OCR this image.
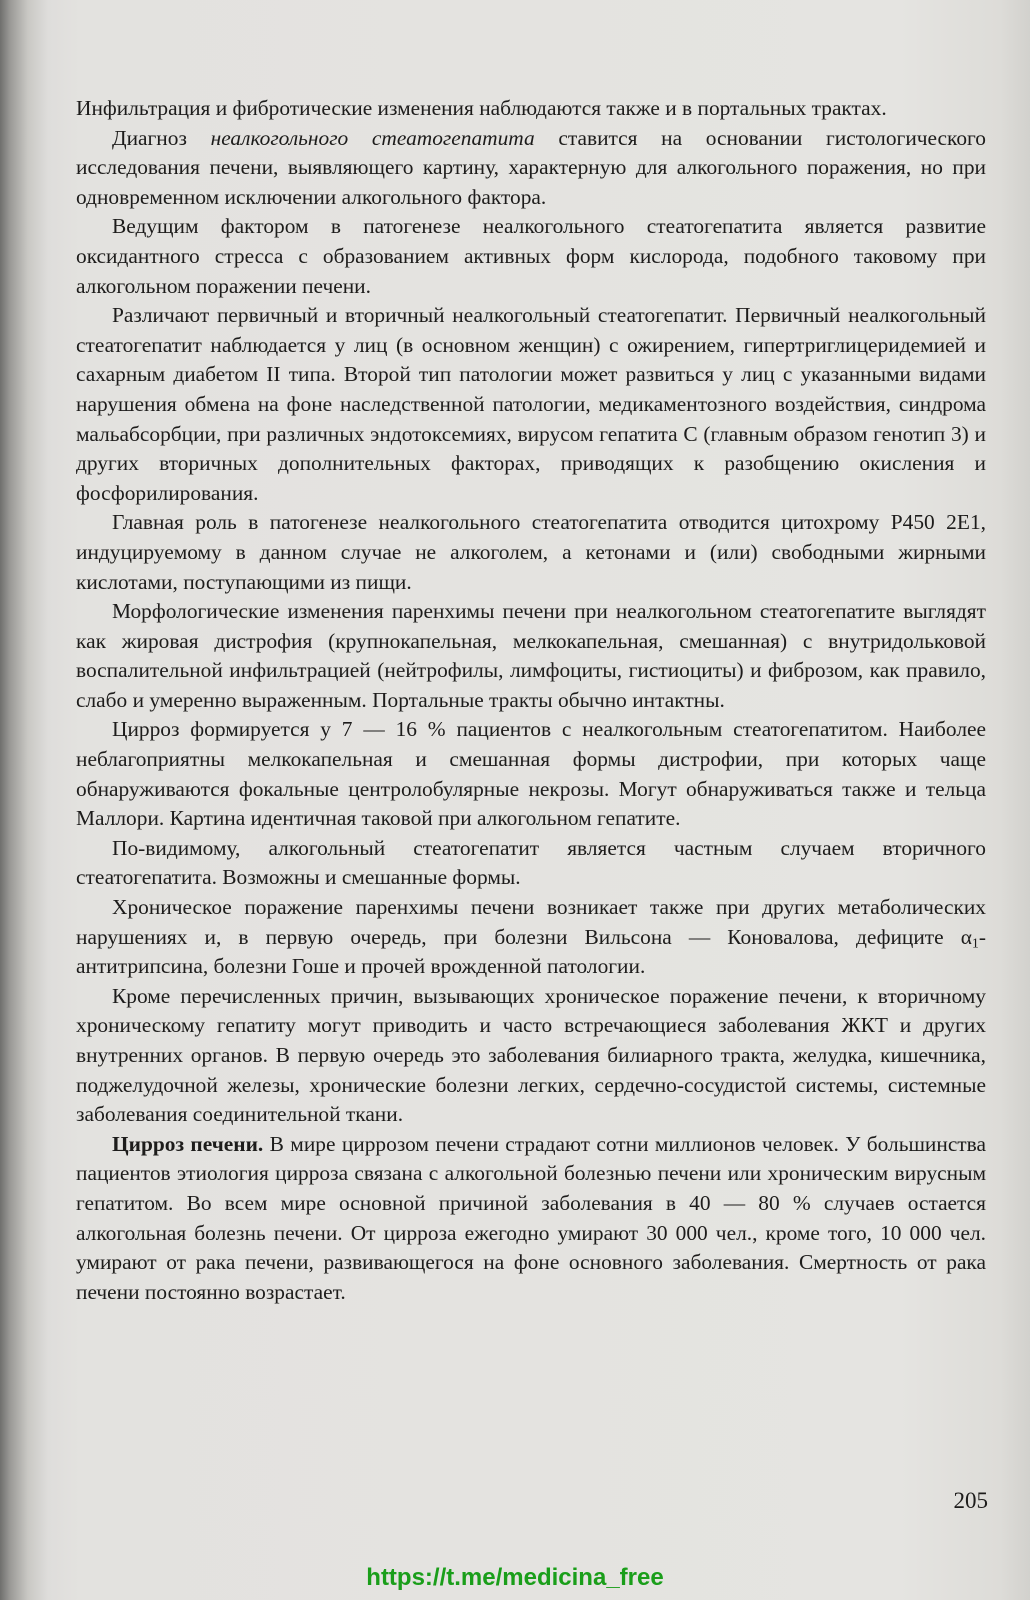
Инфильтрация и фибротические изменения наблюдаются также и в портальных трактах.

Диагноз неалкогольного стеатогепатита ставится на основании гистологического исследования печени, выявляющего картину, характерную для алкогольного поражения, но при одновременном исключении алкогольного фактора.

Ведущим фактором в патогенезе неалкогольного стеатогепатита является развитие оксидантного стресса с образованием активных форм кислорода, подобного таковому при алкогольном поражении печени.

Различают первичный и вторичный неалкогольный стеатогепатит. Первичный неалкогольный стеатогепатит наблюдается у лиц (в основном женщин) с ожирением, гипертриглицеридемией и сахарным диабетом II типа. Второй тип патологии может развиться у лиц с указанными видами нарушения обмена на фоне наследственной патологии, медикаментозного воздействия, синдрома мальабсорбции, при различных эндотоксемиях, вирусом гепатита С (главным образом генотип 3) и других вторичных дополнительных факторах, приводящих к разобщению окисления и фосфорилирования.

Главная роль в патогенезе неалкогольного стеатогепатита отводится цитохрому Р450 2Е1, индуцируемому в данном случае не алкоголем, а кетонами и (или) свободными жирными кислотами, поступающими из пищи.

Морфологические изменения паренхимы печени при неалкогольном стеатогепатите выглядят как жировая дистрофия (крупнокапельная, мелкокапельная, смешанная) с внутридольковой воспалительной инфильтрацией (нейтрофилы, лимфоциты, гистиоциты) и фиброзом, как правило, слабо и умеренно выраженным. Портальные тракты обычно интактны.

Цирроз формируется у 7 — 16 % пациентов с неалкогольным стеатогепатитом. Наиболее неблагоприятны мелкокапельная и смешанная формы дистрофии, при которых чаще обнаруживаются фокальные центролобулярные некрозы. Могут обнаруживаться также и тельца Маллори. Картина идентичная таковой при алкогольном гепатите.

По-видимому, алкогольный стеатогепатит является частным случаем вторичного стеатогепатита. Возможны и смешанные формы.

Хроническое поражение паренхимы печени возникает также при других метаболических нарушениях и, в первую очередь, при болезни Вильсона — Коновалова, дефиците $\alpha_1$-антитрипсина, болезни Гоше и прочей врожденной патологии.

Кроме перечисленных причин, вызывающих хроническое поражение печени, к вторичному хроническому гепатиту могут приводить и часто встречающиеся заболевания ЖКТ и других внутренних органов. В первую очередь это заболевания билиарного тракта, желудка, кишечника, поджелудочной железы, хронические болезни легких, сердечно-сосудистой системы, системные заболевания соединительной ткани.

Цирроз печени. В мире циррозом печени страдают сотни миллионов человек. У большинства пациентов этиология цирроза связана с алкогольной болезнью печени или хроническим вирусным гепатитом. Во всем мире основной причиной заболевания в 40 — 80 % случаев остается алкогольная болезнь печени. От цирроза ежегодно умирают 30 000 чел., кроме того, 10 000 чел. умирают от рака печени, развивающегося на фоне основного заболевания. Смертность от рака печени постоянно возрастает.

205
https://t.me/medicina_free
